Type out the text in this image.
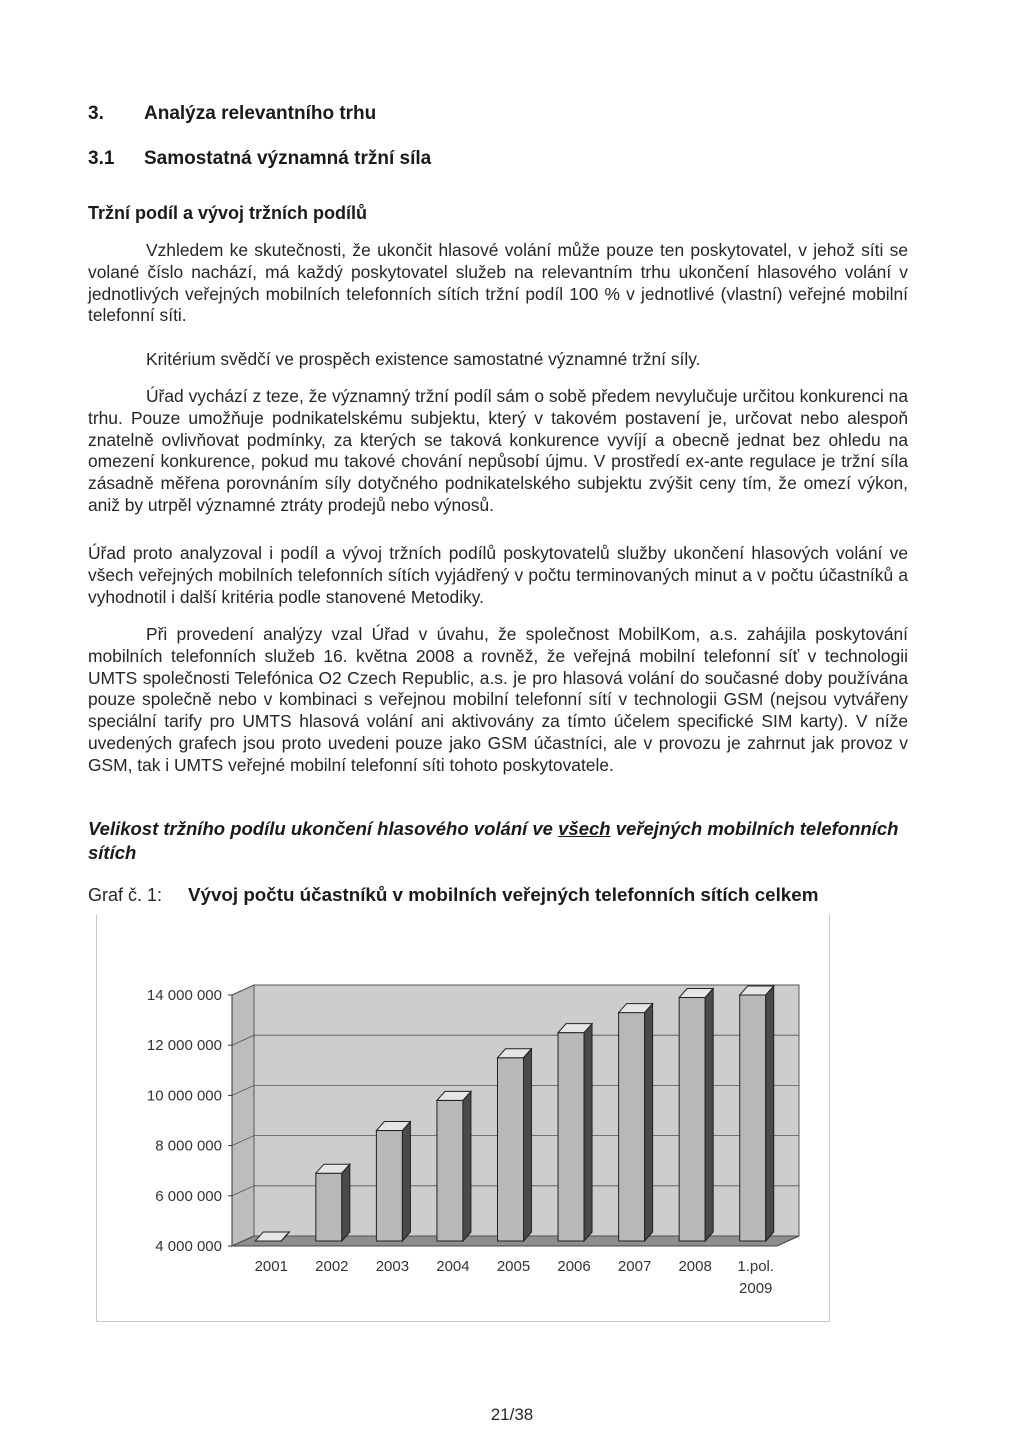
3. Analýza relevantního trhu
3.1 Samostatná významná tržní síla
Tržní podíl a vývoj tržních podílů

Vzhledem ke skutečnosti, že ukončit hlasové volání může pouze ten poskytovatel, v jehož síti se volané číslo nachází, má každý poskytovatel služeb na relevantním trhu ukončení hlasového volání v jednotlivých veřejných mobilních telefonních sítích tržní podíl 100 % v jednotlivé (vlastní) veřejné mobilní telefonní síti.

Kritérium svědčí ve prospěch existence samostatné významné tržní síly.

Úřad vychází z teze, že významný tržní podíl sám o sobě předem nevylučuje určitou konkurenci na trhu. Pouze umožňuje podnikatelskému subjektu, který v takovém postavení je, určovat nebo alespoň znatelně ovlivňovat podmínky, za kterých se taková konkurence vyvíjí a obecně jednat bez ohledu na omezení konkurence, pokud mu takové chování nepůsobí újmu. V prostředí ex-ante regulace je tržní síla zásadně měřena porovnáním síly dotyčného podnikatelského subjektu zvýšit ceny tím, že omezí výkon, aniž by utrpěl významné ztráty prodejů nebo výnosů.

Úřad proto analyzoval i podíl a vývoj tržních podílů poskytovatelů služby ukončení hlasových volání ve všech veřejných mobilních telefonních sítích vyjádřený v počtu terminovaných minut a v počtu účastníků a vyhodnotil i další kritéria podle stanovené Metodiky.

Při provedení analýzy vzal Úřad v úvahu, že společnost MobilKom, a.s. zahájila poskytování mobilních telefonních služeb 16. května 2008 a rovněž, že veřejná mobilní telefonní síť v technologii UMTS společnosti Telefónica O2 Czech Republic, a.s. je pro hlasová volání do současné doby používána pouze společně nebo v kombinaci s veřejnou mobilní telefonní sítí v technologii GSM (nejsou vytvářeny speciální tarify pro UMTS hlasová volání ani aktivovány za tímto účelem specifické SIM karty). V níže uvedených grafech jsou proto uvedeni pouze jako GSM účastníci, ale v provozu je zahrnut jak provoz v GSM, tak i UMTS veřejné mobilní telefonní síti tohoto poskytovatele.

Velikost tržního podílu ukončení hlasového volání ve všech veřejných mobilních telefonních sítích
Graf č. 1: Vývoj počtu účastníků v mobilních veřejných telefonních sítích celkem
4 000 000
6 000 000
8 000 000
10 000 000
12 000 000
14 000 000
2001 2002 2003 2004 2005 2006 2007 2008 1.pol.
2009
21/38
